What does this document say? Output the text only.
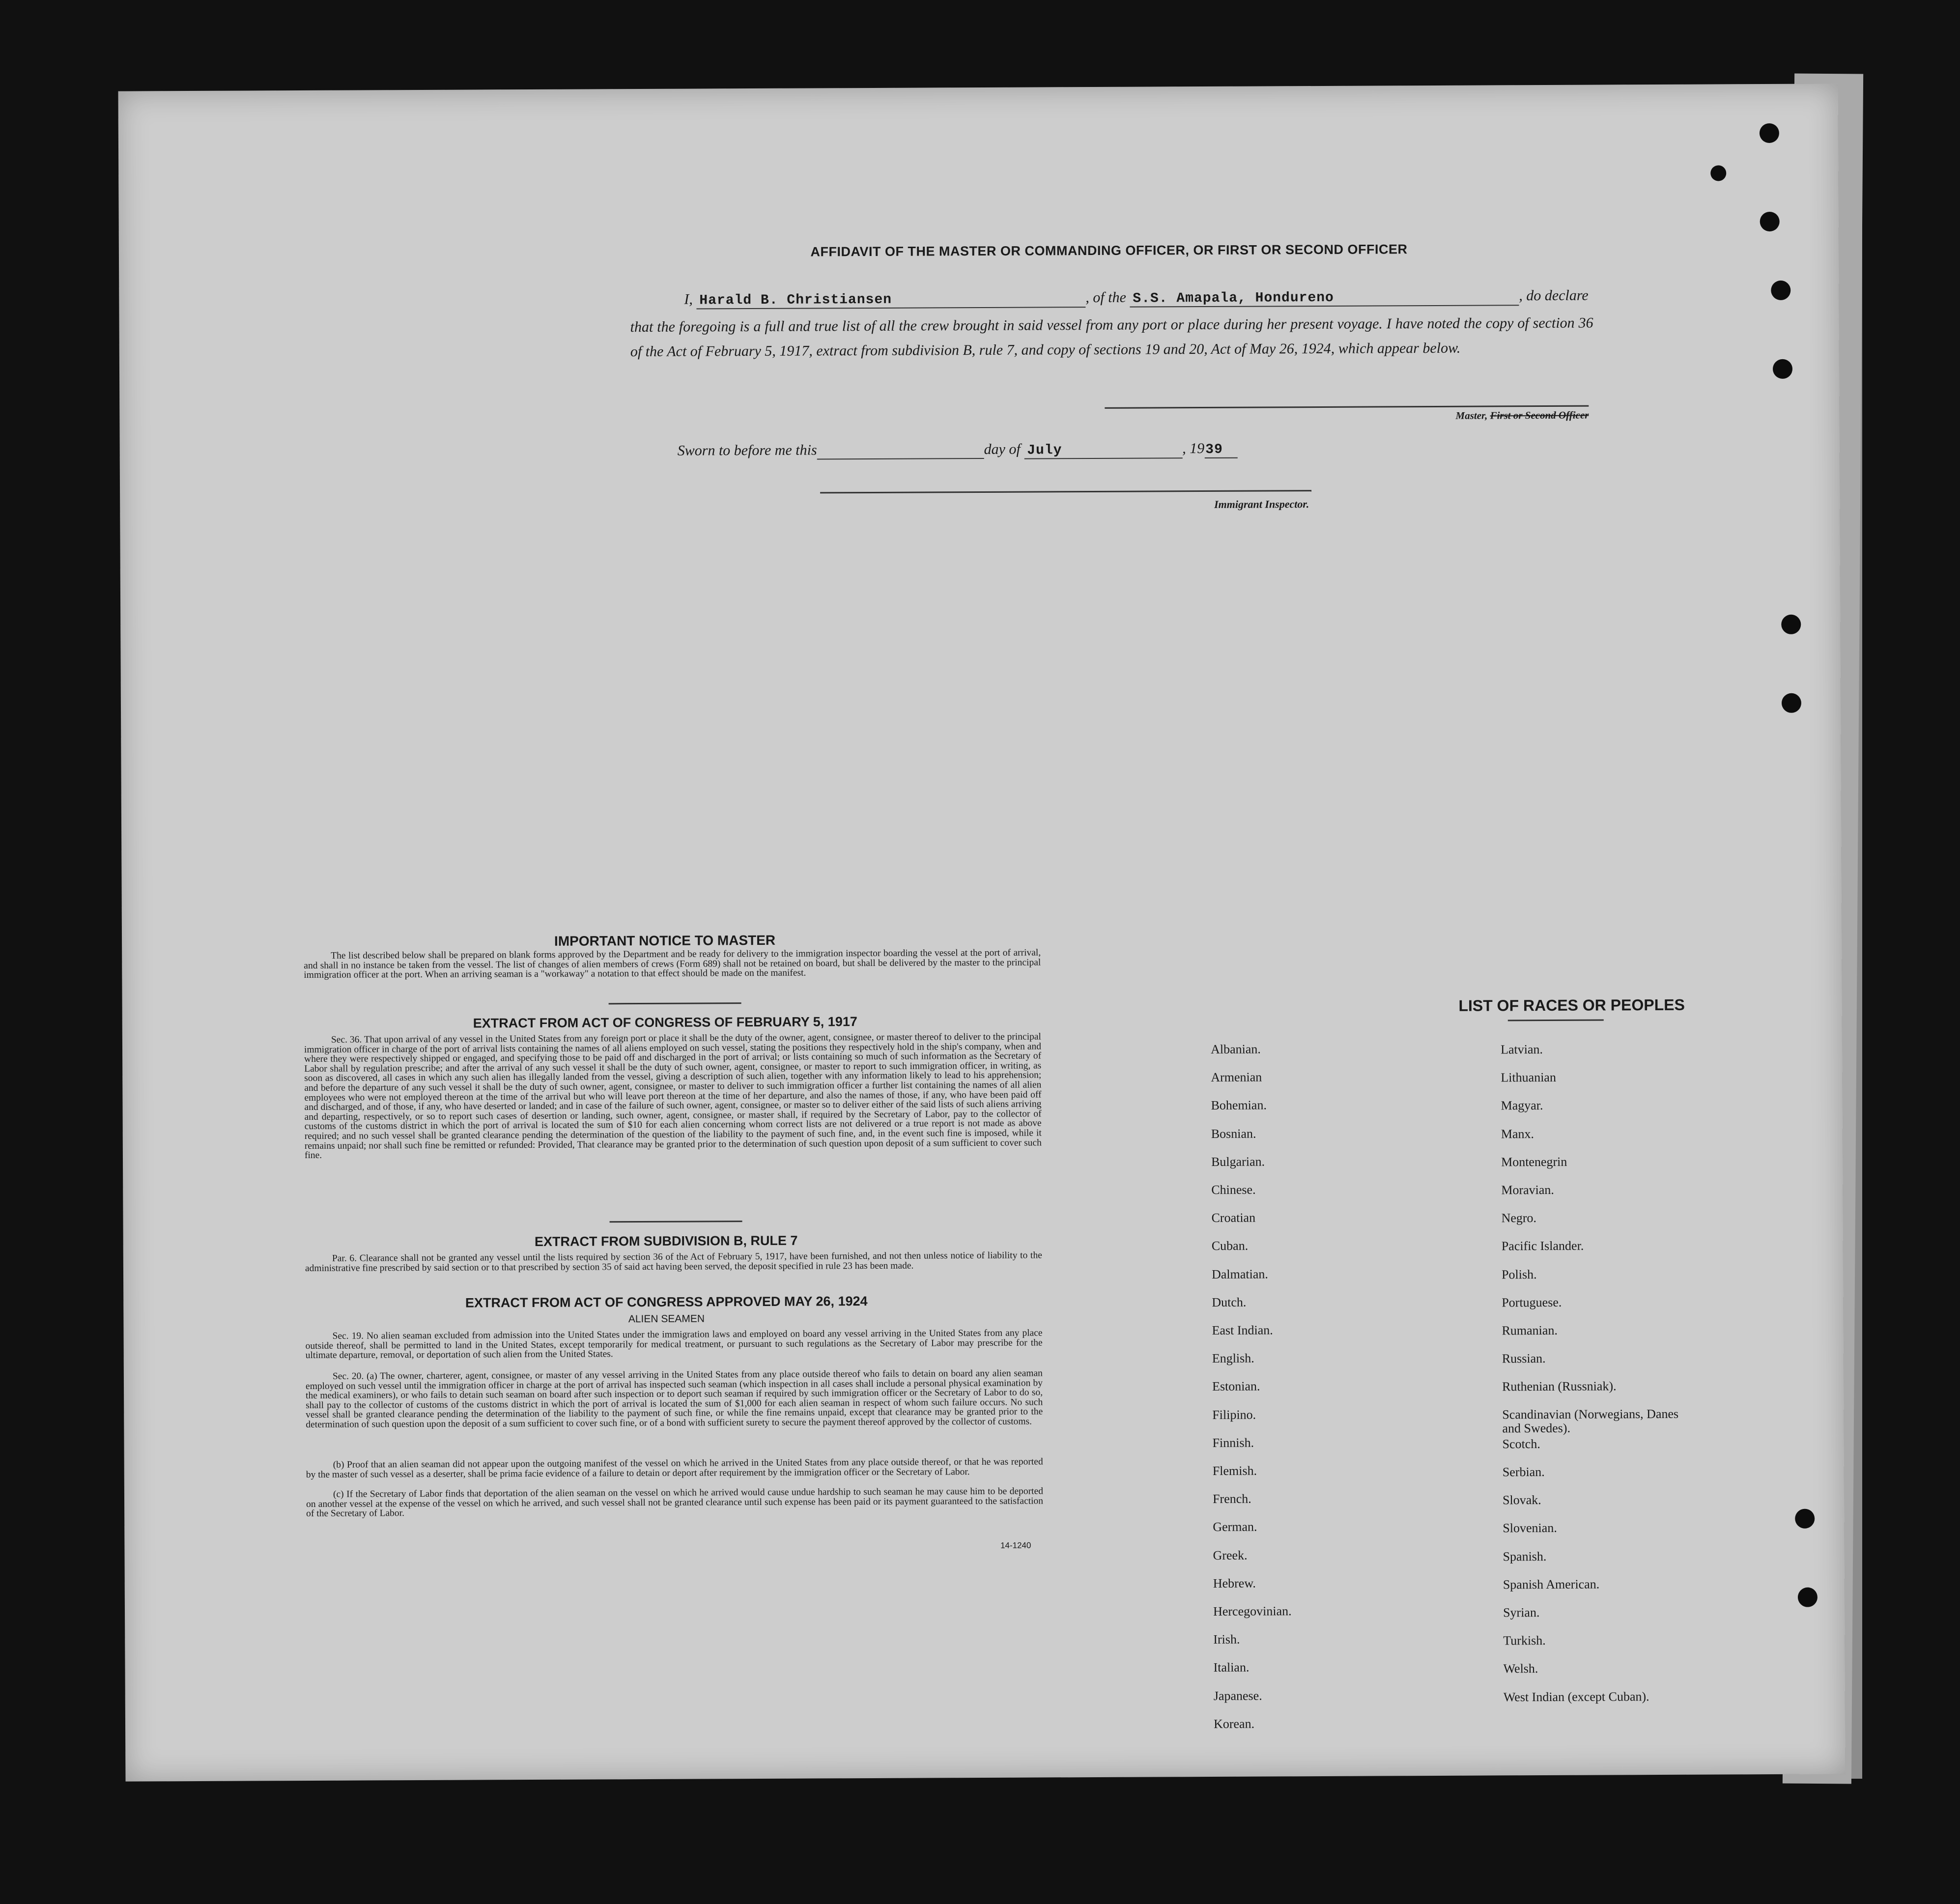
AFFIDAVIT OF THE MASTER OR COMMANDING OFFICER, OR FIRST OR SECOND OFFICER
I, Harald B. Christiansen	, of the S.S. Amapala, Hondureno	, do declare
that the foregoing is a full and true list of all the crew brought in said vessel from any port or place during her present voyage. I have noted the copy of section 36 of the Act of February 5, 1917, extract from subdivision B, rule 7, and copy of sections 19 and 20, Act of May 26, 1924, which appear below.
Master, First or Second Officer
Sworn to before me this	day of July	, 1939
Immigrant Inspector.
IMPORTANT NOTICE TO MASTER
The list described below shall be prepared on blank forms approved by the Department and be ready for delivery to the immigration inspector boarding the vessel at the port of arrival, and shall in no instance be taken from the vessel. The list of changes of alien members of crews (Form 689) shall not be retained on board, but shall be delivered by the master to the principal immigration officer at the port. When an arriving seaman is a "workaway" a notation to that effect should be made on the manifest.
EXTRACT FROM ACT OF CONGRESS OF FEBRUARY 5, 1917
Sec. 36. That upon arrival of any vessel in the United States from any foreign port or place it shall be the duty of the owner, agent, consignee, or master thereof to deliver to the principal immigration officer in charge of the port of arrival lists containing the names of all aliens employed on such vessel, stating the positions they respectively hold in the ship's company, when and where they were respectively shipped or engaged, and specifying those to be paid off and discharged in the port of arrival; or lists containing so much of such information as the Secretary of Labor shall by regulation prescribe; and after the arrival of any such vessel it shall be the duty of such owner, agent, consignee, or master to report to such immigration officer, in writing, as soon as discovered, all cases in which any such alien has illegally landed from the vessel, giving a description of such alien, together with any information likely to lead to his apprehension; and before the departure of any such vessel it shall be the duty of such owner, agent, consignee, or master to deliver to such immigration officer a further list containing the names of all alien employees who were not employed thereon at the time of the arrival but who will leave port thereon at the time of her departure, and also the names of those, if any, who have been paid off and discharged, and of those, if any, who have deserted or landed; and in case of the failure of such owner, agent, consignee, or master so to deliver either of the said lists of such aliens arriving and departing, respectively, or so to report such cases of desertion or landing, such owner, agent, consignee, or master shall, if required by the Secretary of Labor, pay to the collector of customs of the customs district in which the port of arrival is located the sum of $10 for each alien concerning whom correct lists are not delivered or a true report is not made as above required; and no such vessel shall be granted clearance pending the determination of the question of the liability to the payment of such fine, and, in the event such fine is imposed, while it remains unpaid; nor shall such fine be remitted or refunded: Provided, That clearance may be granted prior to the determination of such question upon deposit of a sum sufficient to cover such fine.
EXTRACT FROM SUBDIVISION B, RULE 7
Par. 6. Clearance shall not be granted any vessel until the lists required by section 36 of the Act of February 5, 1917, have been furnished, and not then unless notice of liability to the administrative fine prescribed by said section or to that prescribed by section 35 of said act having been served, the deposit specified in rule 23 has been made.
EXTRACT FROM ACT OF CONGRESS APPROVED MAY 26, 1924
ALIEN SEAMEN
Sec. 19. No alien seaman excluded from admission into the United States under the immigration laws and employed on board any vessel arriving in the United States from any place outside thereof, shall be permitted to land in the United States, except temporarily for medical treatment, or pursuant to such regulations as the Secretary of Labor may prescribe for the ultimate departure, removal, or deportation of such alien from the United States.
Sec. 20. (a) The owner, charterer, agent, consignee, or master of any vessel arriving in the United States from any place outside thereof who fails to detain on board any alien seaman employed on such vessel until the immigration officer in charge at the port of arrival has inspected such seaman (which inspection in all cases shall include a personal physical examination by the medical examiners), or who fails to detain such seaman on board after such inspection or to deport such seaman if required by such immigration officer or the Secretary of Labor to do so, shall pay to the collector of customs of the customs district in which the port of arrival is located the sum of $1,000 for each alien seaman in respect of whom such failure occurs. No such vessel shall be granted clearance pending the determination of the liability to the payment of such fine, or while the fine remains unpaid, except that clearance may be granted prior to the determination of such question upon the deposit of a sum sufficient to cover such fine, or of a bond with sufficient surety to secure the payment thereof approved by the collector of customs.
(b) Proof that an alien seaman did not appear upon the outgoing manifest of the vessel on which he arrived in the United States from any place outside thereof, or that he was reported by the master of such vessel as a deserter, shall be prima facie evidence of a failure to detain or deport after requirement by the immigration officer or the Secretary of Labor.
(c) If the Secretary of Labor finds that deportation of the alien seaman on the vessel on which he arrived would cause undue hardship to such seaman he may cause him to be deported on another vessel at the expense of the vessel on which he arrived, and such vessel shall not be granted clearance until such expense has been paid or its payment guaranteed to the satisfaction of the Secretary of Labor.
14-1240
LIST OF RACES OR PEOPLES
Albanian.
Armenian
Bohemian.
Bosnian.
Bulgarian.
Chinese.
Croatian
Cuban.
Dalmatian.
Dutch.
East Indian.
English.
Estonian.
Filipino.
Finnish.
Flemish.
French.
German.
Greek.
Hebrew.
Hercegovinian.
Irish.
Italian.
Japanese.
Korean.
Latvian.
Lithuanian
Magyar.
Manx.
Montenegrin
Moravian.
Negro.
Pacific Islander.
Polish.
Portuguese.
Rumanian.
Russian.
Ruthenian (Russniak).
Scandinavian (Norwegians, Danes and Swedes).
Scotch.
Serbian.
Slovak.
Slovenian.
Spanish.
Spanish American.
Syrian.
Turkish.
Welsh.
West Indian (except Cuban).
